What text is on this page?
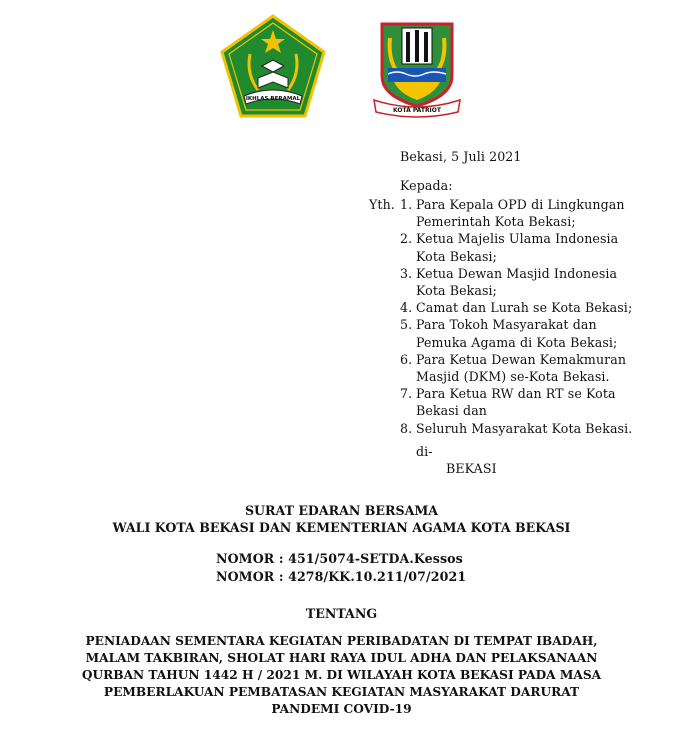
IKHLAS BERAMAL
KOTA PATRIOT
Bekasi, 5 Juli 2021
Kepada:
Yth. 1. Para Kepala OPD di Lingkungan
Pemerintah Kota Bekasi;
2. Ketua Majelis Ulama Indonesia
Kota Bekasi;
3. Ketua Dewan Masjid Indonesia
Kota Bekasi;
4. Camat dan Lurah se Kota Bekasi;
5. Para Tokoh Masyarakat dan
Pemuka Agama di Kota Bekasi;
6. Para Ketua Dewan Kemakmuran
Masjid (DKM) se-Kota Bekasi.
7. Para Ketua RW dan RT se Kota
Bekasi dan
8. Seluruh Masyarakat Kota Bekasi.
di-
BEKASI
SURAT EDARAN BERSAMA
WALI KOTA BEKASI DAN KEMENTERIAN AGAMA KOTA BEKASI
NOMOR : 451/5074-SETDA.Kessos
NOMOR : 4278/KK.10.211/07/2021
TENTANG
PENIADAAN SEMENTARA KEGIATAN PERIBADATAN DI TEMPAT IBADAH,
MALAM TAKBIRAN, SHOLAT HARI RAYA IDUL ADHA DAN PELAKSANAAN
QURBAN TAHUN 1442 H / 2021 M. DI WILAYAH KOTA BEKASI PADA MASA
PEMBERLAKUAN PEMBATASAN KEGIATAN MASYARAKAT DARURAT
PANDEMI COVID-19
